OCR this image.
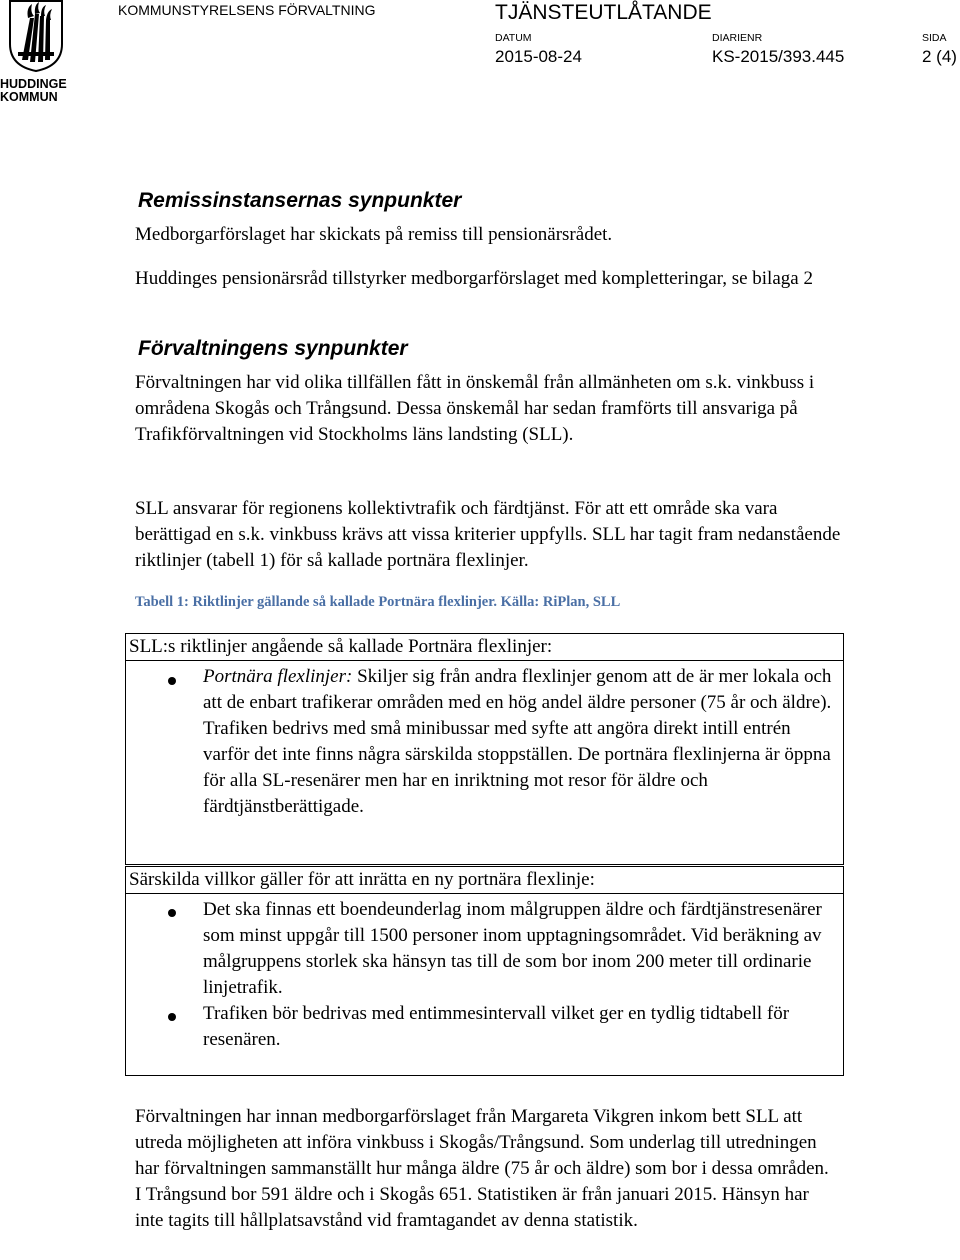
HUDDINGE
KOMMUN
KOMMUNSTYRELSENS FÖRVALTNING	TJÄNSTEUTLÅTANDE
DATUM
2015-08-24
DIARIENR
KS-2015/393.445
SIDA
2 (4)
Remissinstansernas synpunkter

Medborgarförslaget har skickats på remiss till pensionärsrådet.

Huddinges pensionärsråd tillstyrker medborgarförslaget med kompletteringar, se bilaga 2

Förvaltningens synpunkter

Förvaltningen har vid olika tillfällen fått in önskemål från allmänheten om s.k. vinkbuss i områdena Skogås och Trångsund. Dessa önskemål har sedan framförts till ansvariga på Trafikförvaltningen vid Stockholms läns landsting (SLL).

SLL ansvarar för regionens kollektivtrafik och färdtjänst. För att ett område ska vara berättigad en s.k. vinkbuss krävs att vissa kriterier uppfylls. SLL har tagit fram nedanstående riktlinjer (tabell 1) för så kallade portnära flexlinjer.

Tabell 1: Riktlinjer gällande så kallade Portnära flexlinjer. Källa: RiPlan, SLL
SLL:s riktlinjer angående så kallade Portnära flexlinjer:
Portnära flexlinjer: Skiljer sig från andra flexlinjer genom att de är mer lokala och att de enbart trafikerar områden med en hög andel äldre personer (75 år och äldre). Trafiken bedrivs med små minibussar med syfte att angöra direkt intill entrén varför det inte finns några särskilda stoppställen. De portnära flexlinjerna är öppna för alla SL-resenärer men har en inriktning mot resor för äldre och färdtjänstberättigade.
Särskilda villkor gäller för att inrätta en ny portnära flexlinje:
Det ska finnas ett boendeunderlag inom målgruppen äldre och färdtjänstresenärer som minst uppgår till 1500 personer inom upptagningsområdet. Vid beräkning av målgruppens storlek ska hänsyn tas till de som bor inom 200 meter till ordinarie linjetrafik.
Trafiken bör bedrivas med entimmesintervall vilket ger en tydlig tidtabell för resenären.

Förvaltningen har innan medborgarförslaget från Margareta Vikgren inkom bett SLL att utreda möjligheten att införa vinkbuss i Skogås/Trångsund. Som underlag till utredningen har förvaltningen sammanställt hur många äldre (75 år och äldre) som bor i dessa områden. I Trångsund bor 591 äldre och i Skogås 651. Statistiken är från januari 2015. Hänsyn har inte tagits till hållplatsavstånd vid framtagandet av denna statistik.
